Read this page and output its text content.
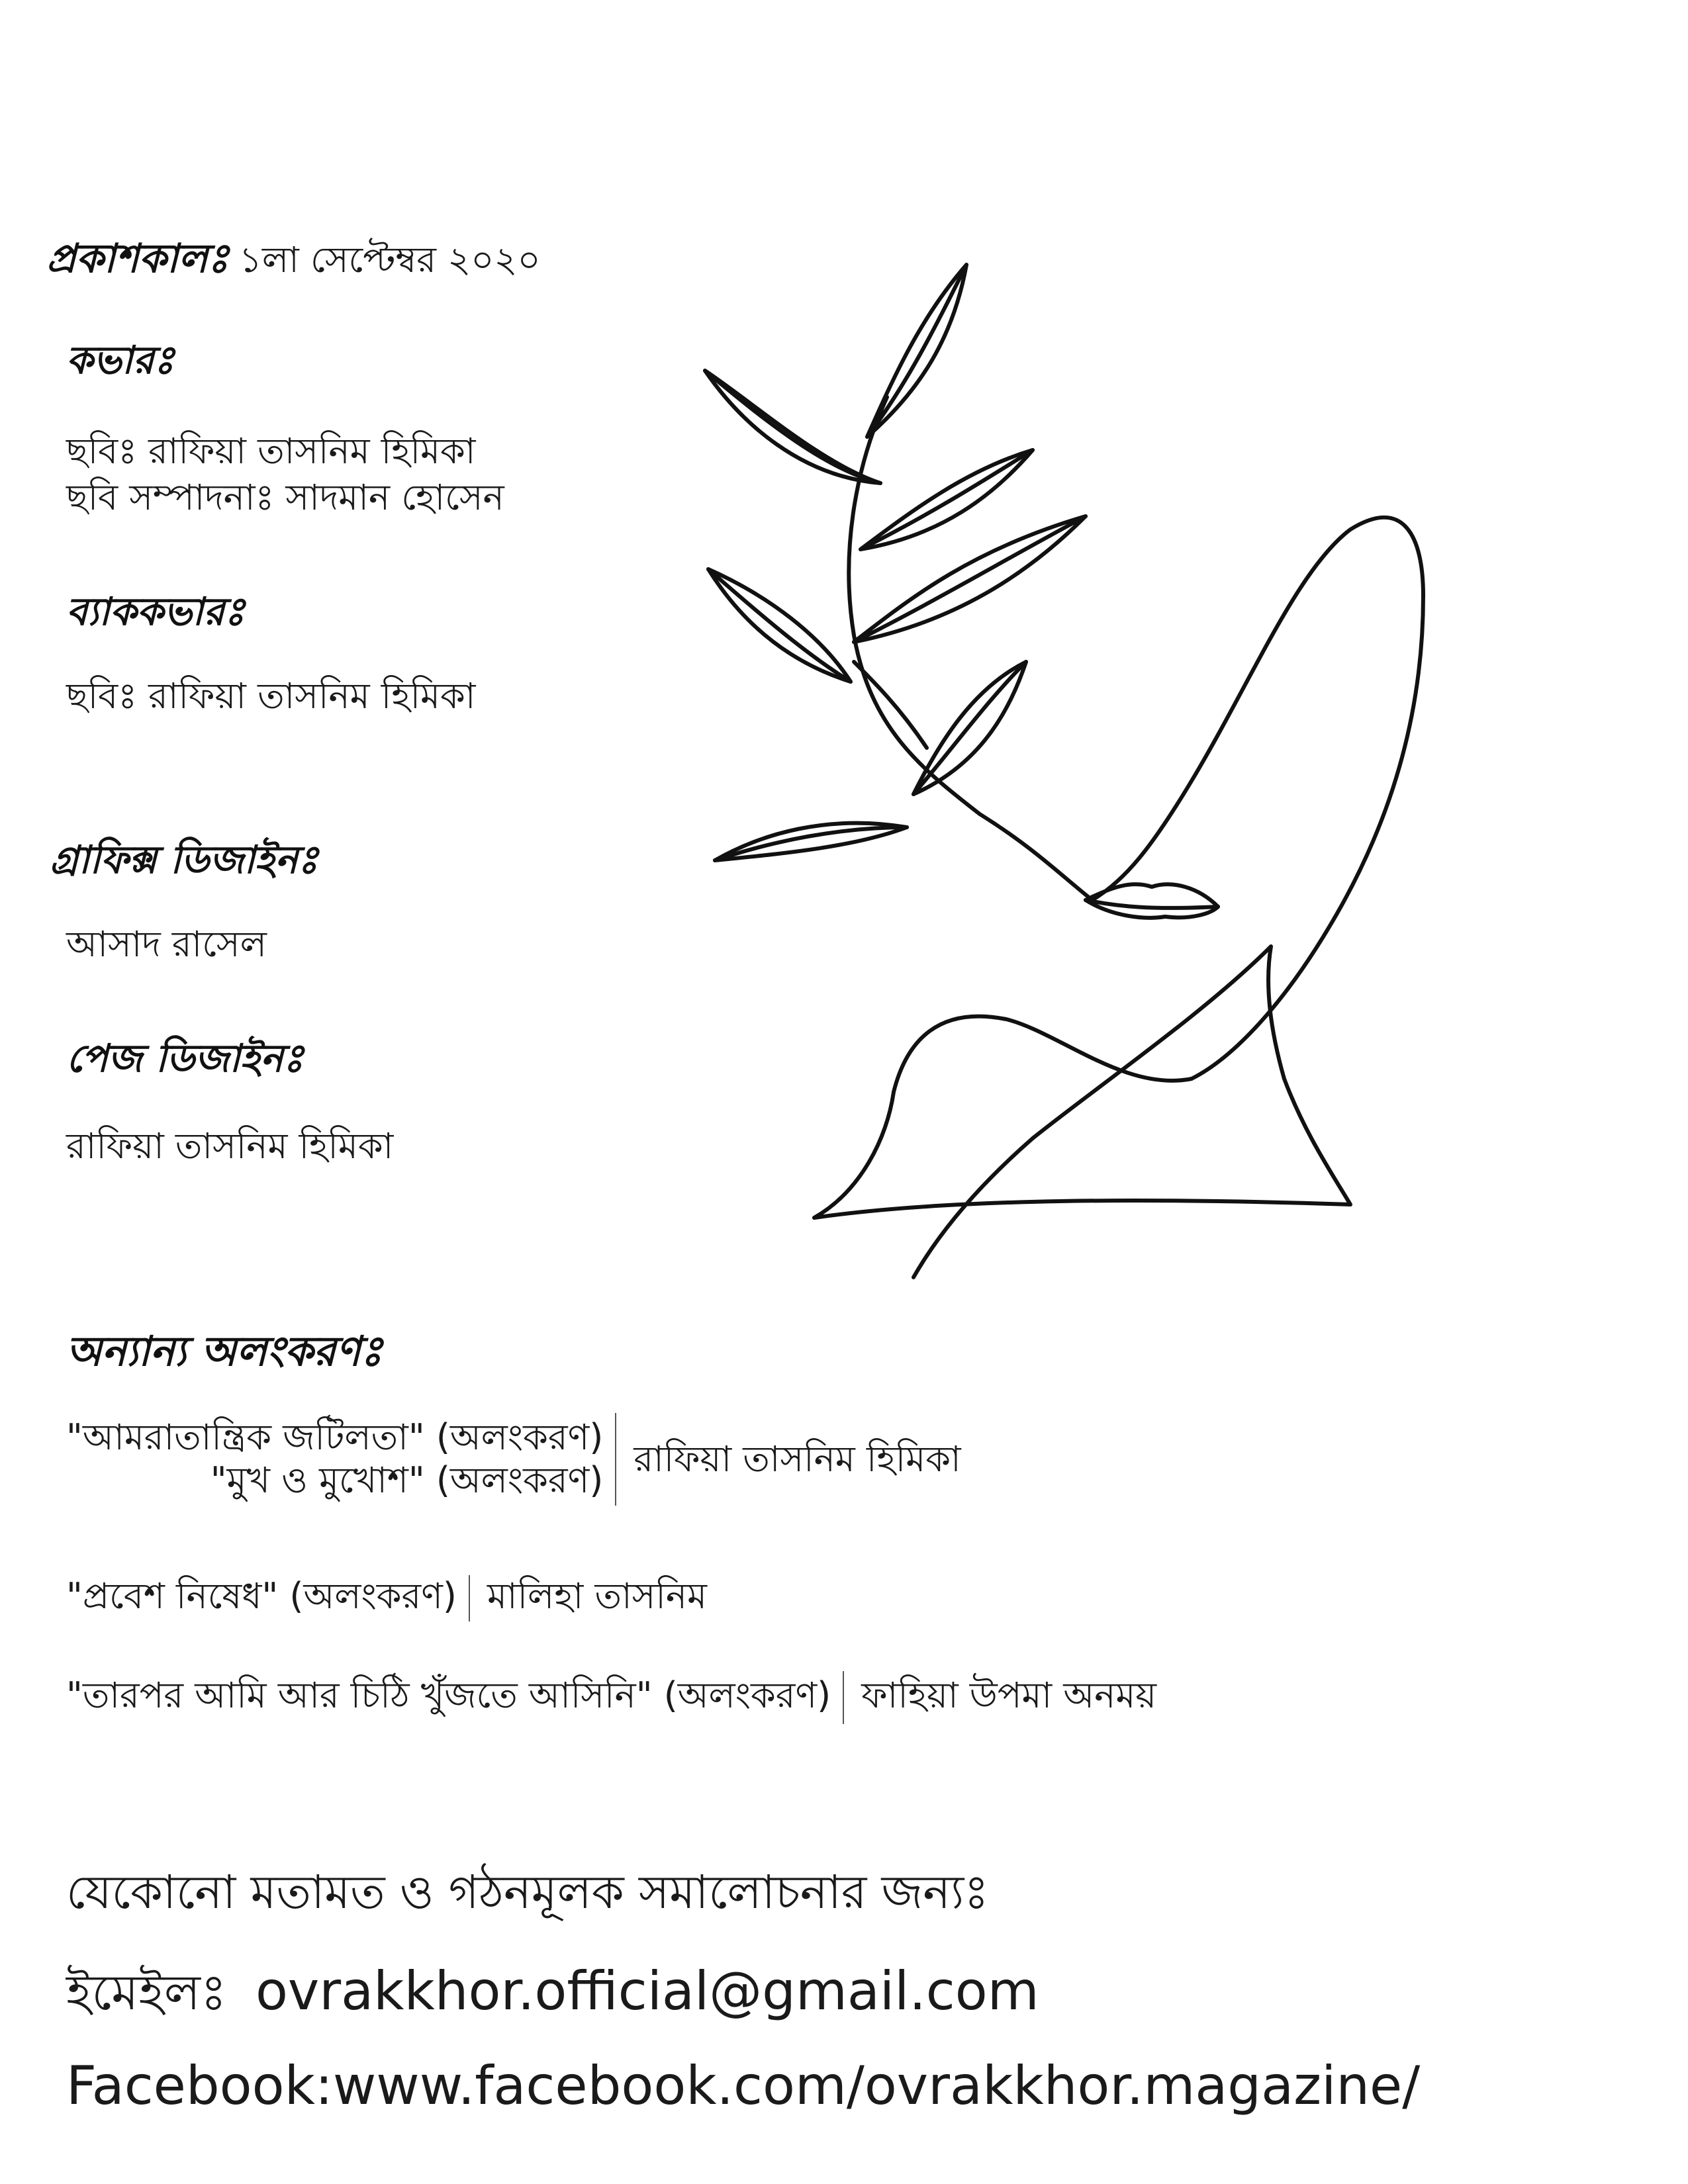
প্রকাশকালঃ ১লা সেপ্টেম্বর ২০২০
কভারঃ
ছবিঃ রাফিয়া তাসনিম হিমিকা
ছবি সম্পাদনাঃ সাদমান হোসেন
ব্যাককভারঃ
ছবিঃ রাফিয়া তাসনিম হিমিকা
গ্রাফিক্স ডিজাইনঃ
আসাদ রাসেল
পেজ ডিজাইনঃ
রাফিয়া তাসনিম হিমিকা
অন্যান্য অলংকরণঃ
"আমরাতান্ত্রিক জটিলতা" (অলংকরণ)
"মুখ ও মুখোশ" (অলংকরণ)
রাফিয়া তাসনিম হিমিকা
"প্রবেশ নিষেধ" (অলংকরণ) মালিহা তাসনিম
"তারপর আমি আর চিঠি খুঁজতে আসিনি" (অলংকরণ) ফাহিয়া উপমা অনময়
যেকোনো মতামত ও গঠনমূলক সমালোচনার জন্যঃ
ইমেইলঃ ovrakkhor.official@gmail.com
Facebook:www.facebook.com/ovrakkhor.magazine/
